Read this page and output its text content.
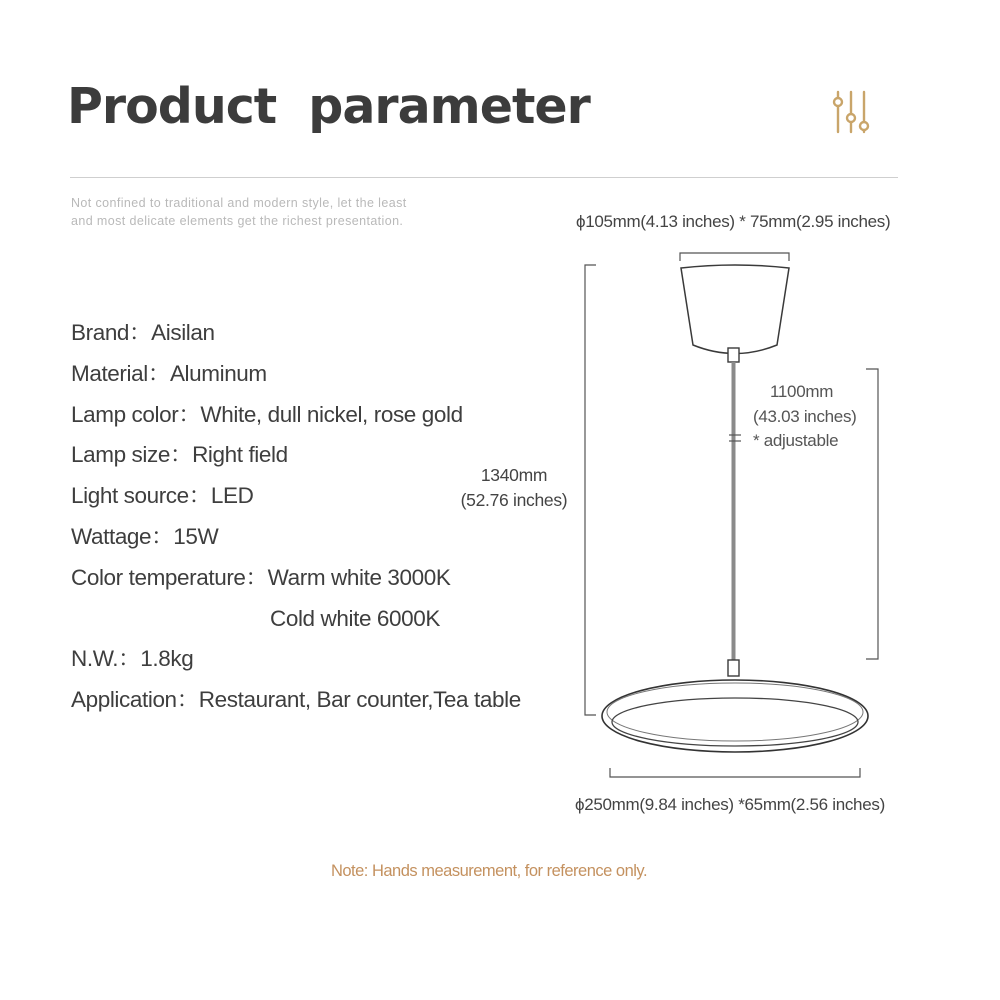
Product  parameter
Not confined to traditional and modern style, let the least and most delicate elements get the richest presentation.
Brand：Aisilan
Material：Aluminum
Lamp color：White, dull nickel, rose gold
Lamp size：Right field
Light source：LED
Wattage：15W
Color temperature：Warm white 3000K
Cold white 6000K
N.W.：1.8kg
Application：Restaurant, Bar counter,Tea table
ϕ105mm(4.13 inches) * 75mm(2.95 inches)
1340mm
(52.76 inches)
1100mm
(43.03 inches)
* adjustable
ϕ250mm(9.84 inches) *65mm(2.56 inches)
Note: Hands measurement, for reference only.
